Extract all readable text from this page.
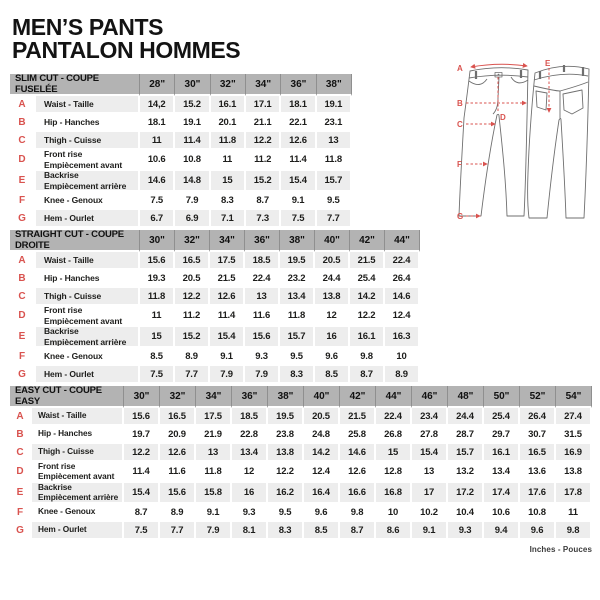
MEN’S PANTS
PANTALON HOMMES
SLIM CUT - COUPE FUSELÉE	28"	30"	32"	34"	36"	38"
A	Waist - Taille	14,2	15.2	16.1	17.1	18.1	19.1
B	Hip - Hanches	18.1	19.1	20.1	21.1	22.1	23.1
C	Thigh - Cuisse	11	11.4	11.8	12.2	12.6	13
D	Front rise
Empiècement avant	10.6	10.8	11	11.2	11.4	11.8
E	Backrise
Empiècement arrière	14.6	14.8	15	15.2	15.4	15.7
F	Knee - Genoux	7.5	7.9	8.3	8.7	9.1	9.5
G	Hem - Ourlet	6.7	6.9	7.1	7.3	7.5	7.7
STRAIGHT CUT - COUPE DROITE	30"	32"	34"	36"	38"	40"	42"	44"
A	Waist - Taille	15.6	16.5	17.5	18.5	19.5	20.5	21.5	22.4
B	Hip - Hanches	19.3	20.5	21.5	22.4	23.2	24.4	25.4	26.4
C	Thigh - Cuisse	11.8	12.2	12.6	13	13.4	13.8	14.2	14.6
D	Front rise
Empiècement avant	11	11.2	11.4	11.6	11.8	12	12.2	12.4
E	Backrise
Empiècement arrière	15	15.2	15.4	15.6	15.7	16	16.1	16.3
F	Knee - Genoux	8.5	8.9	9.1	9.3	9.5	9.6	9.8	10
G	Hem - Ourlet	7.5	7.7	7.9	7.9	8.3	8.5	8.7	8.9
EASY CUT - COUPE EASY	30"	32"	34"	36"	38"	40"	42"	44"	46"	48"	50"	52"	54"
A	Waist - Taille	15.6	16.5	17.5	18.5	19.5	20.5	21.5	22.4	23.4	24.4	25.4	26.4	27.4
B	Hip - Hanches	19.7	20.9	21.9	22.8	23.8	24.8	25.8	26.8	27.8	28.7	29.7	30.7	31.5
C	Thigh - Cuisse	12.2	12.6	13	13.4	13.8	14.2	14.6	15	15.4	15.7	16.1	16.5	16.9
D
Front rise
Empiècement avant	11.4	11.6	11.8	12	12.2	12.4	12.6	12.8	13	13.2	13.4	13.6	13.8
E
Backrise
Empiècement arrière	15.4	15.6	15.8	16	16.2	16.4	16.6	16.8	17	17.2	17.4	17.6	17.8
F	Knee - Genoux	8.7	8.9	9.1	9.3	9.5	9.6	9.8	10	10.2	10.4	10.6	10.8	11
G	Hem - Ourlet	7.5	7.7	7.9	8.1	8.3	8.5	8.7	8.6	9.1	9.3	9.4	9.6	9.8
Inches - Pouces
A
B
C
D
E
F
G
